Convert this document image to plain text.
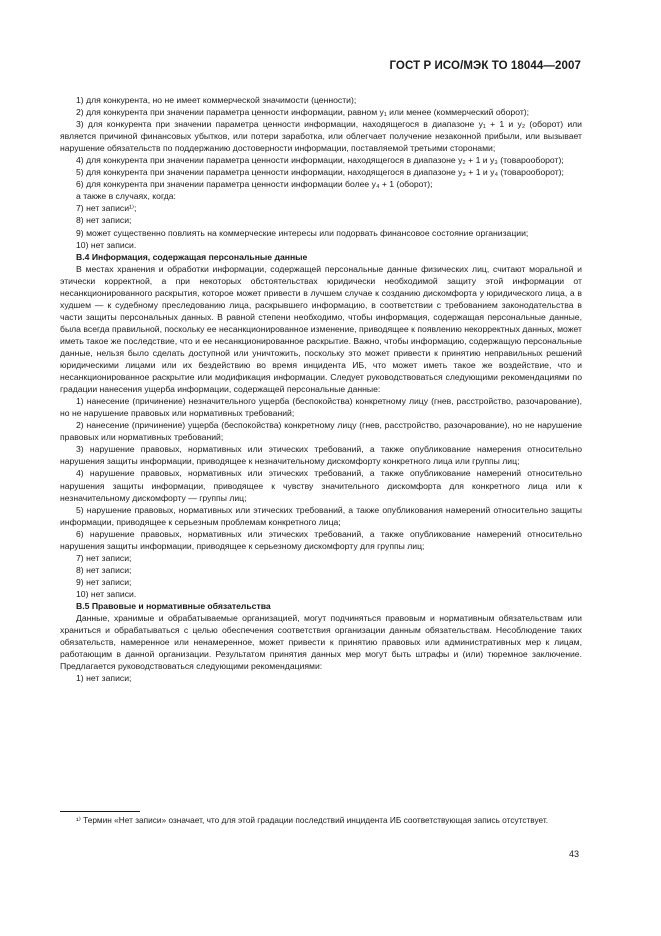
ГОСТ Р ИСО/МЭК ТО 18044—2007

1) для конкурента, но не имеет коммерческой значимости (ценности);

2) для конкурента при значении параметра ценности информации, равном у₁ или менее (коммерческий оборот);

3) для конкурента при значении параметра ценности информации, находящегося в диапазоне у₁ + 1 и у₂ (оборот) или является причиной финансовых убытков, или потери заработка, или облегчает получение незаконной прибыли, или вызывает нарушение обязательств по поддержанию достоверности информации, поставляемой третьими сторонами;

4) для конкурента при значении параметра ценности информации, находящегося в диапазоне у₂ + 1 и у₃ (товарооборот);

5) для конкурента при значении параметра ценности информации, находящегося в диапазоне у₃ + 1 и у₄ (товарооборот);

6) для конкурента при значении параметра ценности информации более у₄ + 1 (оборот);

а также в случаях, когда:

7) нет записи¹⁾;

8) нет записи;

9) может существенно повлиять на коммерческие интересы или подорвать финансовое состояние организации;

10) нет записи.

В.4 Информация, содержащая персональные данные

В местах хранения и обработки информации, содержащей персональные данные физических лиц, считают моральной и этически корректной, а при некоторых обстоятельствах юридически необходимой защиту этой информации от несанкционированного раскрытия, которое может привести в лучшем случае к созданию дискомфорта у юридического лица, а в худшем — к судебному преследованию лица, раскрывшего информацию, в соответствии с требованием законодательства в части защиты персональных данных. В равной степени необходимо, чтобы информация, содержащая персональные данные, была всегда правильной, поскольку ее несанкционированное изменение, приводящее к появлению некорректных данных, может иметь такое же последствие, что и ее несанкционированное раскрытие. Важно, чтобы информацию, содержащую персональные данные, нельзя было сделать доступной или уничтожить, поскольку это может привести к принятию неправильных решений юридическими лицами или их бездействию во время инцидента ИБ, что может иметь такое же воздействие, что и несанкционированное раскрытие или модификация информации. Следует руководствоваться следующими рекомендациями по градации нанесения ущерба информации, содержащей персональные данные:

1) нанесение (причинение) незначительного ущерба (беспокойства) конкретному лицу (гнев, расстройство, разочарование), но не нарушение правовых или нормативных требований;

2) нанесение (причинение) ущерба (беспокойства) конкретному лицу (гнев, расстройство, разочарование), но не нарушение правовых или нормативных требований;

3) нарушение правовых, нормативных или этических требований, а также опубликование намерения относительно нарушения защиты информации, приводящее к незначительному дискомфорту конкретного лица или группы лиц;

4) нарушение правовых, нормативных или этических требований, а также опубликование намерений относительно нарушения защиты информации, приводящее к чувству значительного дискомфорта для конкретного лица или к незначительному дискомфорту — группы лиц;

5) нарушение правовых, нормативных или этических требований, а также опубликования намерений относительно защиты информации, приводящее к серьезным проблемам конкретного лица;

6) нарушение правовых, нормативных или этических требований, а также опубликование намерений относительно нарушения защиты информации, приводящее к серьезному дискомфорту для группы лиц;

7) нет записи;

8) нет записи;

9) нет записи;

10) нет записи.

В.5 Правовые и нормативные обязательства

Данные, хранимые и обрабатываемые организацией, могут подчиняться правовым и нормативным обязательствам или храниться и обрабатываться с целью обеспечения соответствия организации данным обязательствам. Несоблюдение таких обязательств, намеренное или ненамеренное, может привести к принятию правовых или административных мер к лицам, работающим в данной организации. Результатом принятия данных мер могут быть штрафы и (или) тюремное заключение. Предлагается руководствоваться следующими рекомендациями:

1) нет записи;

¹⁾ Термин «Нет записи» означает, что для этой градации последствий инцидента ИБ соответствующая запись отсутствует.

43
